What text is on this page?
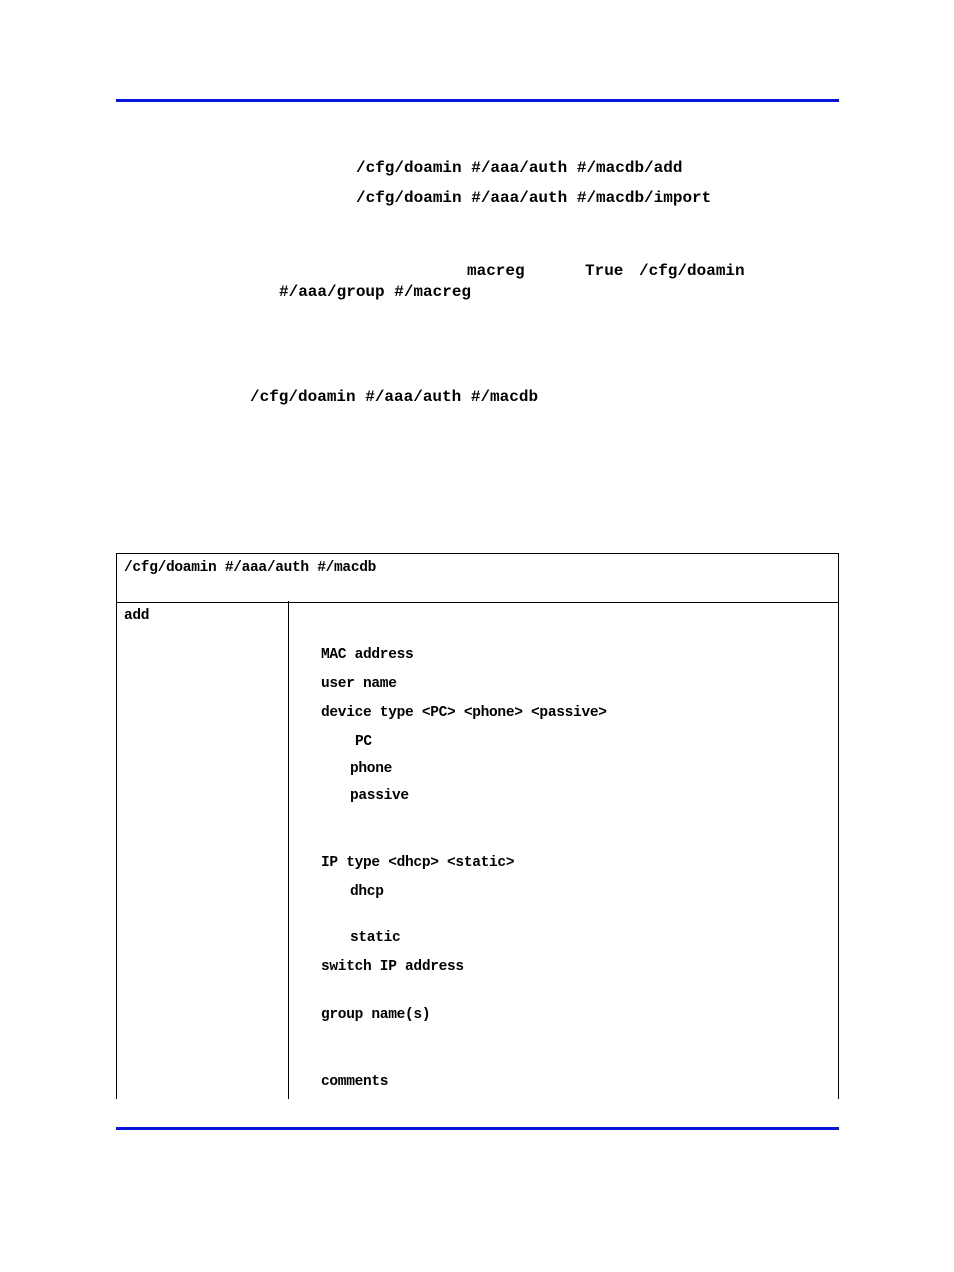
/cfg/doamin #/aaa/auth #/macdb/add
/cfg/doamin #/aaa/auth #/macdb/import
macreg	True /cfg/doamin
#/aaa/group #/macreg
/cfg/doamin #/aaa/auth #/macdb
/cfg/doamin #/aaa/auth #/macdb
add
MAC address
user name
device type <PC> <phone> <passive>
PC
phone
passive
IP type <dhcp> <static>
dhcp
static
switch IP address
group name(s)
comments
